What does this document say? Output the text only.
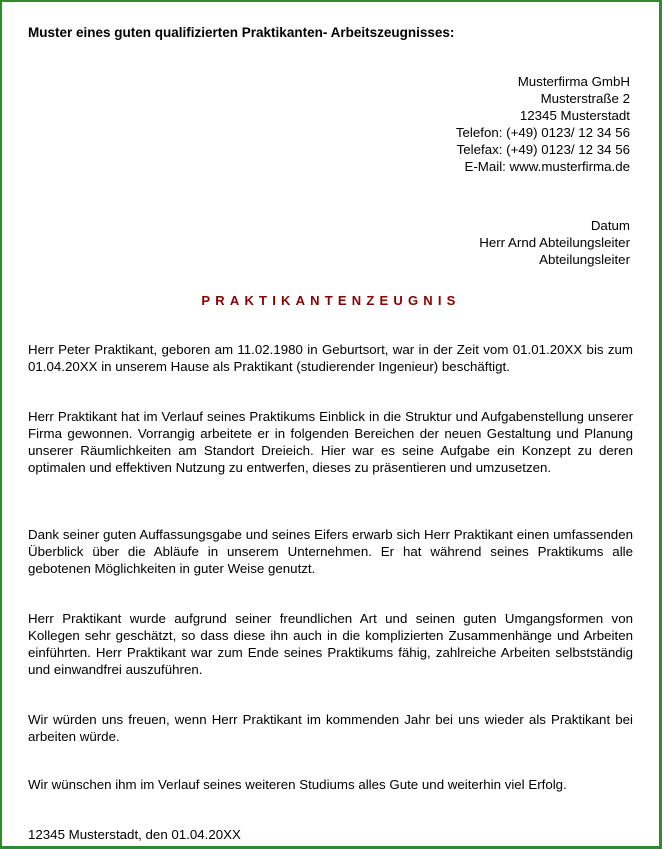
Muster eines guten qualifizierten Praktikanten- Arbeitszeugnisses:
Musterfirma GmbH
Musterstraße 2
12345 Musterstadt
Telefon: (+49) 0123/ 12 34 56
Telefax: (+49) 0123/ 12 34 56
E-Mail: www.musterfirma.de
Datum
Herr Arnd Abteilungsleiter
Abteilungsleiter
PRAKTIKANTENZEUGNIS
Herr Peter Praktikant, geboren am 11.02.1980 in Geburtsort, war in der Zeit vom 01.01.20XX bis zum 01.04.20XX in unserem Hause als Praktikant (studierender Ingenieur) beschäftigt.
Herr Praktikant hat im Verlauf seines Praktikums Einblick in die Struktur und Aufgabenstellung unserer Firma gewonnen. Vorrangig arbeitete er in folgenden Bereichen der neuen Gestaltung und Planung unserer Räumlichkeiten am Standort Dreieich. Hier war es seine Aufgabe ein Konzept zu deren optimalen und effektiven Nutzung zu entwerfen, dieses zu präsentieren und umzusetzen.
Dank seiner guten Auffassungsgabe und seines Eifers erwarb sich Herr Praktikant einen umfassenden Überblick über die Abläufe in unserem Unternehmen. Er hat während seines Praktikums alle gebotenen Möglichkeiten in guter Weise genutzt.
Herr Praktikant wurde aufgrund seiner freundlichen Art und seinen guten Umgangsformen von Kollegen sehr geschätzt, so dass diese ihn auch in die komplizierten Zusammenhänge und Arbeiten einführten. Herr Praktikant war zum Ende seines Praktikums fähig, zahlreiche Arbeiten selbstständig und einwandfrei auszuführen.
Wir würden uns freuen, wenn Herr Praktikant im kommenden Jahr bei uns wieder als Praktikant bei arbeiten würde.
Wir wünschen ihm im Verlauf seines weiteren Studiums alles Gute und weiterhin viel Erfolg.
12345 Musterstadt, den 01.04.20XX
